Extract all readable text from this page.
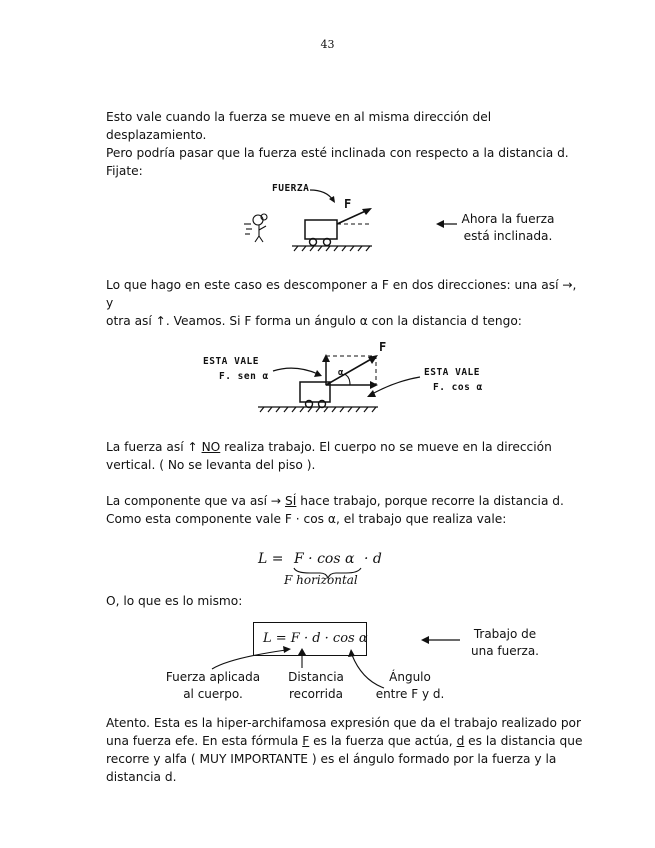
43

Esto vale cuando la fuerza se mueve en al misma dirección del desplazamiento.

Pero podría pasar que la fuerza esté inclinada con respecto a la distancia d.

Fijate:

FUERZA
F
Ahora la fuerza
está inclinada.

Lo que hago en este caso es descomponer a F en dos direcciones: una así →, y

otra así ↑. Veamos. Si F forma un ángulo α con la distancia d tengo:

ESTA VALE
F. sen α	ESTA VALE
F. cos α
F
α

La fuerza así ↑ NO realiza trabajo. El cuerpo no se mueve en la dirección

vertical. ( No se levanta del piso ).

La componente que va así → SÍ hace trabajo, porque recorre la distancia d.

Como esta componente vale F · cos α, el trabajo que realiza vale:

L = F · cos α · d
F horizontal
O, lo que es lo mismo:
L = F · d · cos α	Trabajo de
una fuerza.
Fuerza aplicada
al cuerpo.
Distancia
recorrida
Ángulo
entre F y d.

Atento. Esta es la hiper-archifamosa expresión que da el trabajo realizado por

una fuerza efe. En esta fórmula F es la fuerza que actúa, d es la distancia que

recorre y alfa ( MUY IMPORTANTE ) es el ángulo formado por la fuerza y la

distancia d.
